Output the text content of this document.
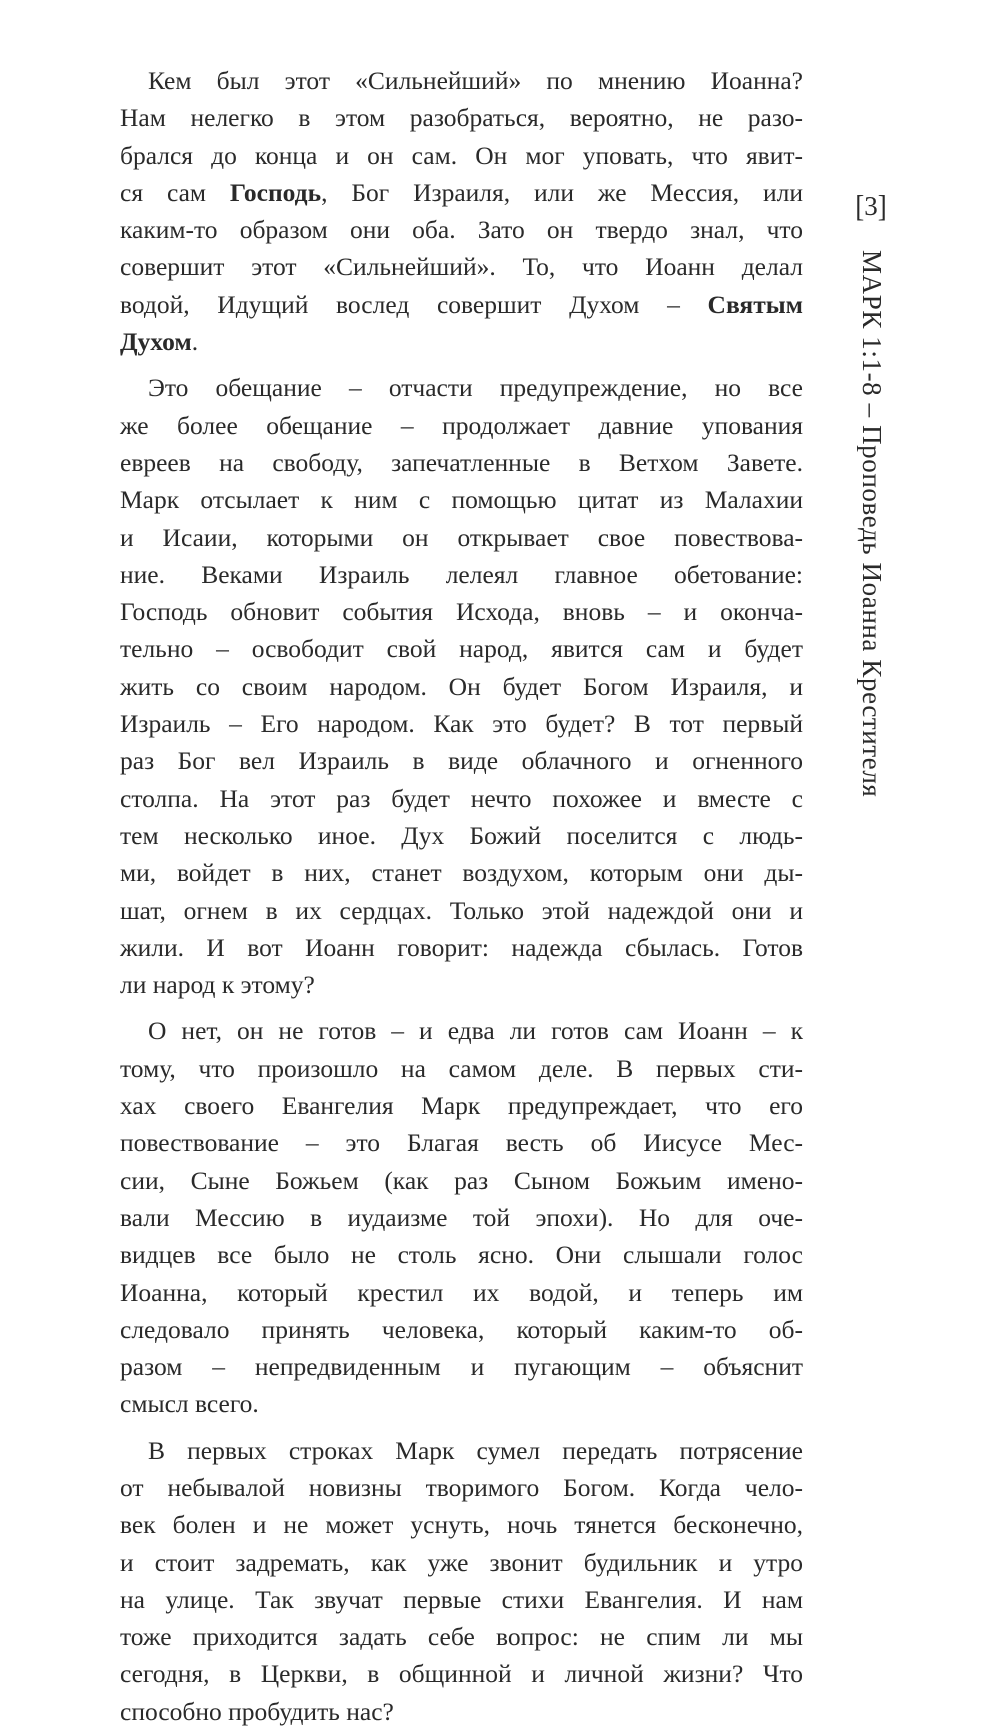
[3]
МАРК 1:1-8 – Проповедь Иоанна Крестителя
Кем был этот «Сильнейший» по мнению Иоанна?
Нам нелегко в этом разобраться, вероятно, не разо-
брался до конца и он сам. Он мог уповать, что явит-
ся сам Господь, Бог Израиля, или же Мессия, или
каким-то образом они оба. Зато он твердо знал, что
совершит этот «Сильнейший». То, что Иоанн делал
водой, Идущий вослед совершит Духом – Святым
Духом.
Это обещание – отчасти предупреждение, но все
же более обещание – продолжает давние упования
евреев на свободу, запечатленные в Ветхом Завете.
Марк отсылает к ним с помощью цитат из Малахии
и Исаии, которыми он открывает свое повествова-
ние. Веками Израиль лелеял главное обетование:
Господь обновит события Исхода, вновь – и оконча-
тельно – освободит свой народ, явится сам и будет
жить со своим народом. Он будет Богом Израиля, и
Израиль – Его народом. Как это будет? В тот первый
раз Бог вел Израиль в виде облачного и огненного
столпа. На этот раз будет нечто похожее и вместе с
тем несколько иное. Дух Божий поселится с людь-
ми, войдет в них, станет воздухом, которым они ды-
шат, огнем в их сердцах. Только этой надеждой они и
жили. И вот Иоанн говорит: надежда сбылась. Готов
ли народ к этому?
О нет, он не готов – и едва ли готов сам Иоанн – к
тому, что произошло на самом деле. В первых сти-
хах своего Евангелия Марк предупреждает, что его
повествование – это Благая весть об Иисусе Мес-
сии, Сыне Божьем (как раз Сыном Божьим имено-
вали Мессию в иудаизме той эпохи). Но для оче-
видцев все было не столь ясно. Они слышали голос
Иоанна, который крестил их водой, и теперь им
следовало принять человека, который каким-то об-
разом – непредвиденным и пугающим – объяснит
смысл всего.
В первых строках Марк сумел передать потрясение
от небывалой новизны творимого Богом. Когда чело-
век болен и не может уснуть, ночь тянется бесконечно,
и стоит задремать, как уже звонит будильник и утро
на улице. Так звучат первые стихи Евангелия. И нам
тоже приходится задать себе вопрос: не спим ли мы
сегодня, в Церкви, в общинной и личной жизни? Что
способно пробудить нас?
